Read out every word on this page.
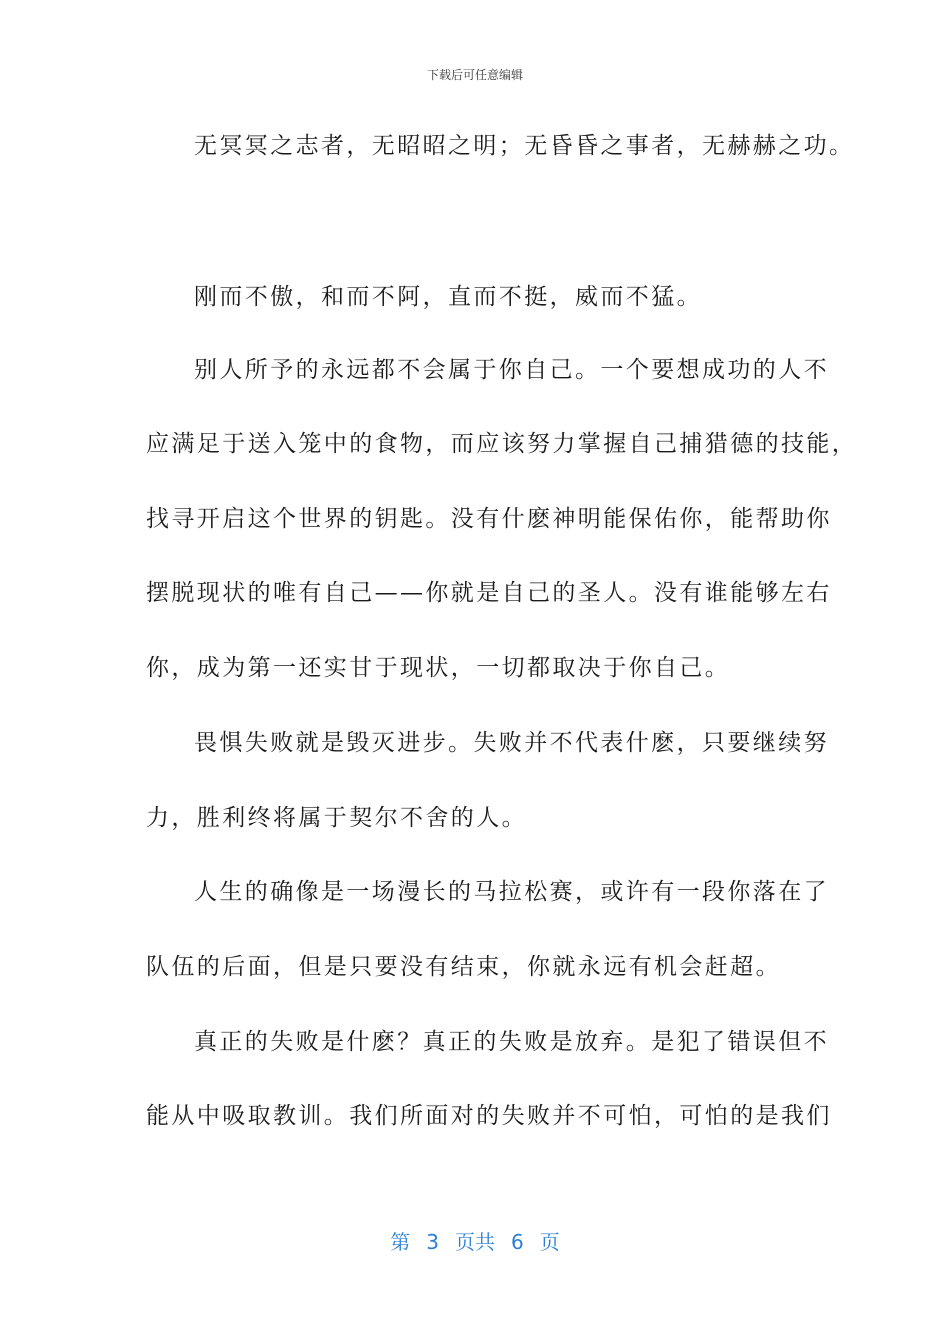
下载后可任意编辑
无冥冥之志者，无昭昭之明；无昏昏之事者，无赫赫之功。
刚而不傲，和而不阿，直而不挺，威而不猛。
别人所予的永远都不会属于你自己。一个要想成功的人不
应满足于送入笼中的食物，而应该努力掌握自己捕猎德的技能，
找寻开启这个世界的钥匙。没有什麽神明能保佑你，能帮助你
摆脱现状的唯有自己——你就是自己的圣人。没有谁能够左右
你，成为第一还实甘于现状，一切都取决于你自己。
畏惧失败就是毁灭进步。失败并不代表什麽，只要继续努
力，胜利终将属于契尔不舍的人。
人生的确像是一场漫长的马拉松赛，或许有一段你落在了
队伍的后面，但是只要没有结束，你就永远有机会赶超。
真正的失败是什麽？真正的失败是放弃。是犯了错误但不
能从中吸取教训。我们所面对的失败并不可怕，可怕的是我们
第 3 页共 6 页
